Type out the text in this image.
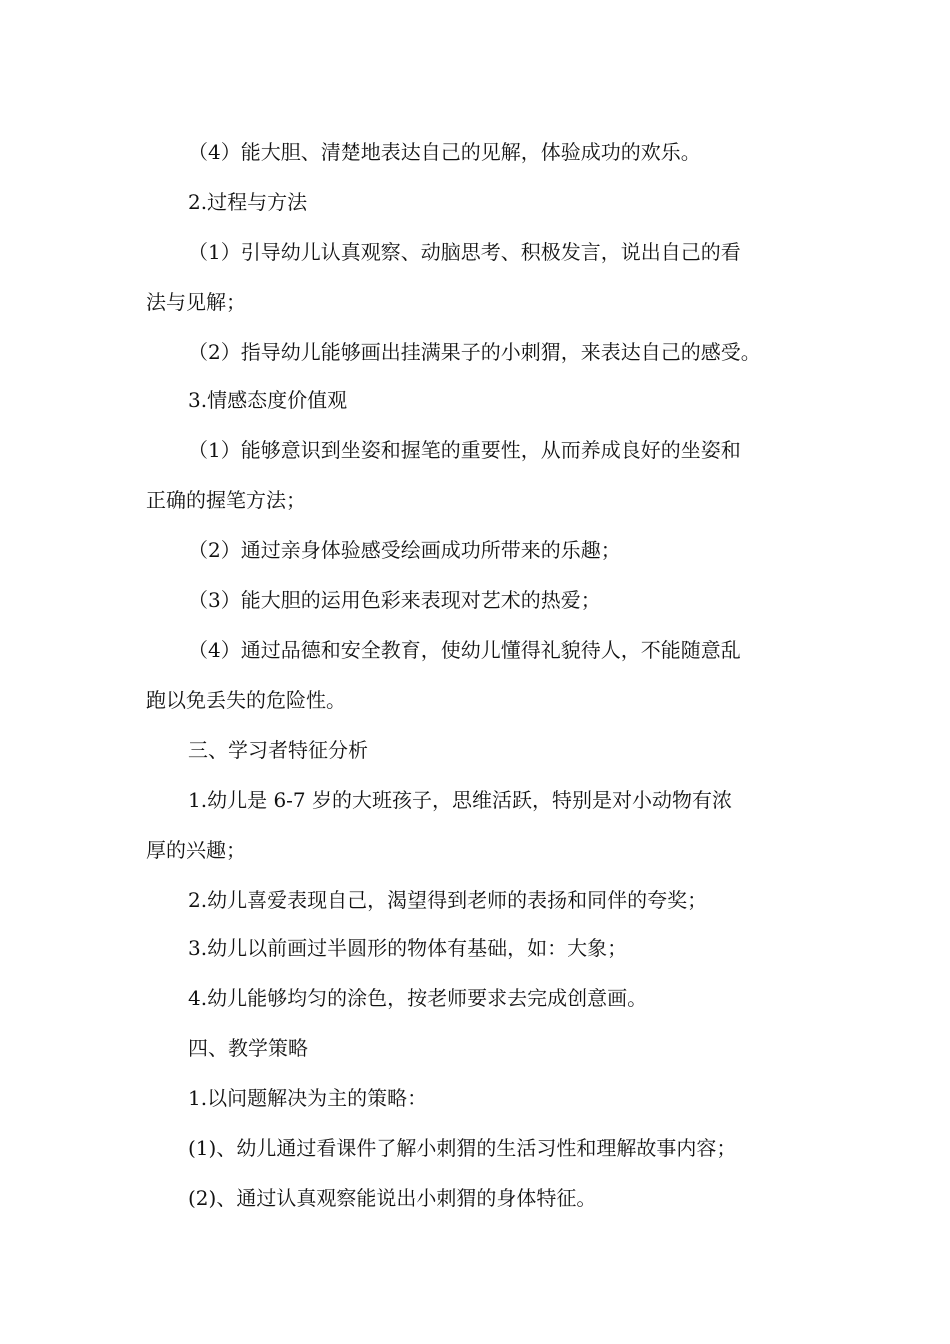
（4）能大胆、清楚地表达自己的见解，体验成功的欢乐。
2.过程与方法
（1）引导幼儿认真观察、动脑思考、积极发言，说出自己的看
法与见解；
（2）指导幼儿能够画出挂满果子的小刺猬，来表达自己的感受。
3.情感态度价值观
（1）能够意识到坐姿和握笔的重要性，从而养成良好的坐姿和
正确的握笔方法；
（2）通过亲身体验感受绘画成功所带来的乐趣；
（3）能大胆的运用色彩来表现对艺术的热爱；
（4）通过品德和安全教育，使幼儿懂得礼貌待人，不能随意乱
跑以免丢失的危险性。
三、学习者特征分析
1.幼儿是 6-7 岁的大班孩子，思维活跃，特别是对小动物有浓
厚的兴趣；
2.幼儿喜爱表现自己，渴望得到老师的表扬和同伴的夸奖；
3.幼儿以前画过半圆形的物体有基础，如：大象；
4.幼儿能够均匀的涂色，按老师要求去完成创意画。
四、教学策略
1.以问题解决为主的策略：
(1)、幼儿通过看课件了解小刺猬的生活习性和理解故事内容；
(2)、通过认真观察能说出小刺猬的身体特征。
